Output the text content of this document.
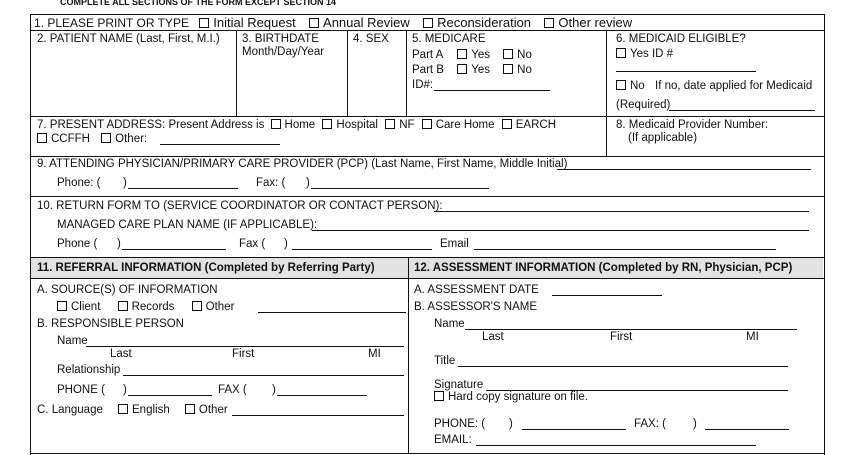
COMPLETE ALL SECTIONS OF THE FORM EXCEPT SECTION 14
1. PLEASE PRINT OR TYPE Initial Request Annual Review Reconsideration Other review
2. PATIENT NAME (Last, First, M.I.) 3. BIRTHDATE
Month/Day/Year
4. SEX 5. MEDICARE
Part A Yes No
Part B Yes No
ID#:
6. MEDICAID ELIGIBLE?
Yes ID #
No If no, date applied for Medicaid
(Required)
7. PRESENT ADDRESS: Present Address is Home Hospital NF Care Home EARCH
CCFFH Other:
8. Medicaid Provider Number:
(If applicable)
9. ATTENDING PHYSICIAN/PRIMARY CARE PROVIDER (PCP) (Last Name, First Name, Middle Initial)
Phone: ( )	Fax: ( )
10. RETURN FORM TO (SERVICE COORDINATOR OR CONTACT PERSON):
MANAGED CARE PLAN NAME (IF APPLICABLE):
Phone ( )	Fax ( )	Email
11. REFERRAL INFORMATION (Completed by Referring Party)	12. ASSESSMENT INFORMATION (Completed by RN, Physician, PCP)
A. SOURCE(S) OF INFORMATION
Client	Records	Other
B. RESPONSIBLE PERSON
Name
Last	First	MI
Relationship
PHONE ( )	FAX ( )
C. Language	English	Other
A. ASSESSMENT DATE
B. ASSESSOR'S NAME
Name
Last	First	MI
Title
Signature
Hard copy signature on file.
PHONE: ( )	FAX: ( )
EMAIL:
